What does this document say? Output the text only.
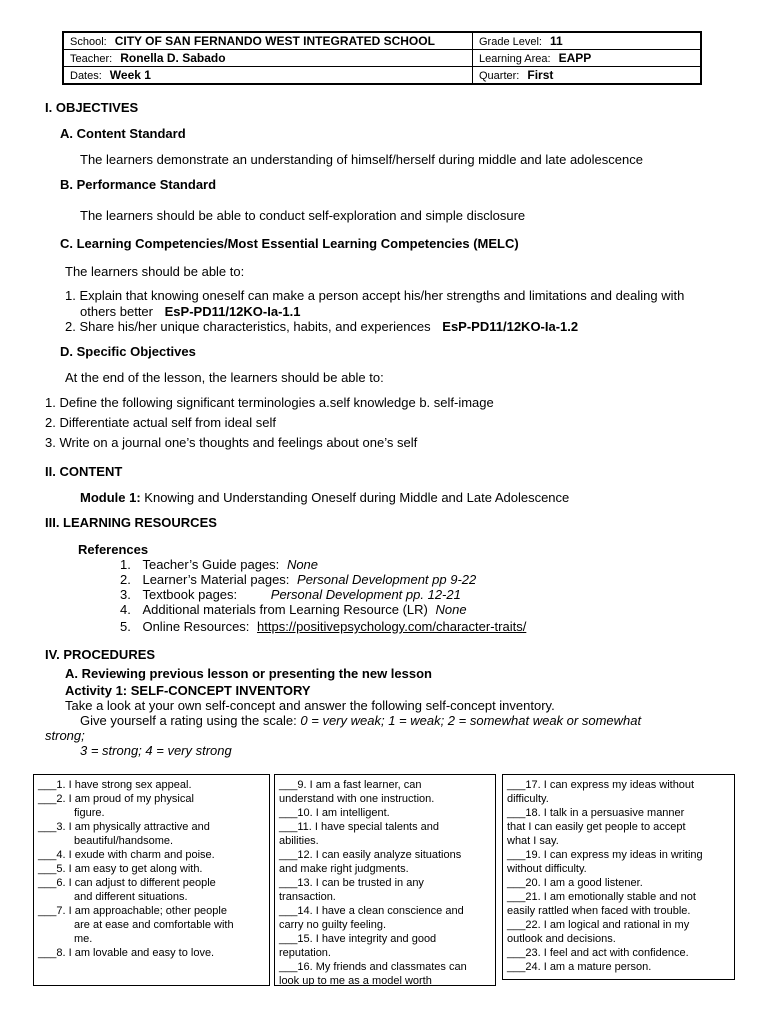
School: CITY OF SAN FERNANDO WEST INTEGRATED SCHOOL	Grade Level: 11
Teacher: Ronella D. Sabado	Learning Area: EAPP
Dates: Week 1	Quarter: First
I. OBJECTIVES
A. Content Standard
The learners demonstrate an understanding of himself/herself during middle and late adolescence
B. Performance Standard
The learners should be able to conduct self-exploration and simple disclosure
C. Learning Competencies/Most Essential Learning Competencies (MELC)
The learners should be able to:
1. Explain that knowing oneself can make a person accept his/her strengths and limitations and dealing with
others better EsP-PD11/12KO-Ia-1.1
2. Share his/her unique characteristics, habits, and experiences EsP-PD11/12KO-Ia-1.2
D. Specific Objectives
At the end of the lesson, the learners should be able to:
1. Define the following significant terminologies a.self knowledge b. self-image
2. Differentiate actual self from ideal self
3. Write on a journal one’s thoughts and feelings about one’s self
II. CONTENT
Module 1: Knowing and Understanding Oneself during Middle and Late Adolescence
III. LEARNING RESOURCES
References
1. Teacher’s Guide pages: None
2. Learner’s Material pages: Personal Development pp 9-22
3. Textbook pages:	Personal Development pp. 12-21
4. Additional materials from Learning Resource (LR) None
5. Online Resources: https://positivepsychology.com/character-traits/
IV. PROCEDURES
A. Reviewing previous lesson or presenting the new lesson
Activity 1: SELF-CONCEPT INVENTORY
Take a look at your own self-concept and answer the following self-concept inventory.
Give yourself a rating using the scale: 0 = very weak; 1 = weak; 2 = somewhat weak or somewhat
strong;
3 = strong; 4 = very strong
___1. I have strong sex appeal.
___2. I am proud of my physical
figure.
___3. I am physically attractive and
beautiful/handsome.
___4. I exude with charm and poise.
___5. I am easy to get along with.
___6. I can adjust to different people
and different situations.
___7. I am approachable; other people
are at ease and comfortable with
me.
___8. I am lovable and easy to love.
___9. I am a fast learner, can
understand with one instruction.
___10. I am intelligent.
___11. I have special talents and
abilities.
___12. I can easily analyze situations
and make right judgments.
___13. I can be trusted in any
transaction.
___14. I have a clean conscience and
carry no guilty feeling.
___15. I have integrity and good
reputation.
___16. My friends and classmates can
look up to me as a model worth
___17. I can express my ideas without
difficulty.
___18. I talk in a persuasive manner
that I can easily get people to accept
what I say.
___19. I can express my ideas in writing
without difficulty.
___20. I am a good listener.
___21. I am emotionally stable and not
easily rattled when faced with trouble.
___22. I am logical and rational in my
outlook and decisions.
___23. I feel and act with confidence.
___24. I am a mature person.
